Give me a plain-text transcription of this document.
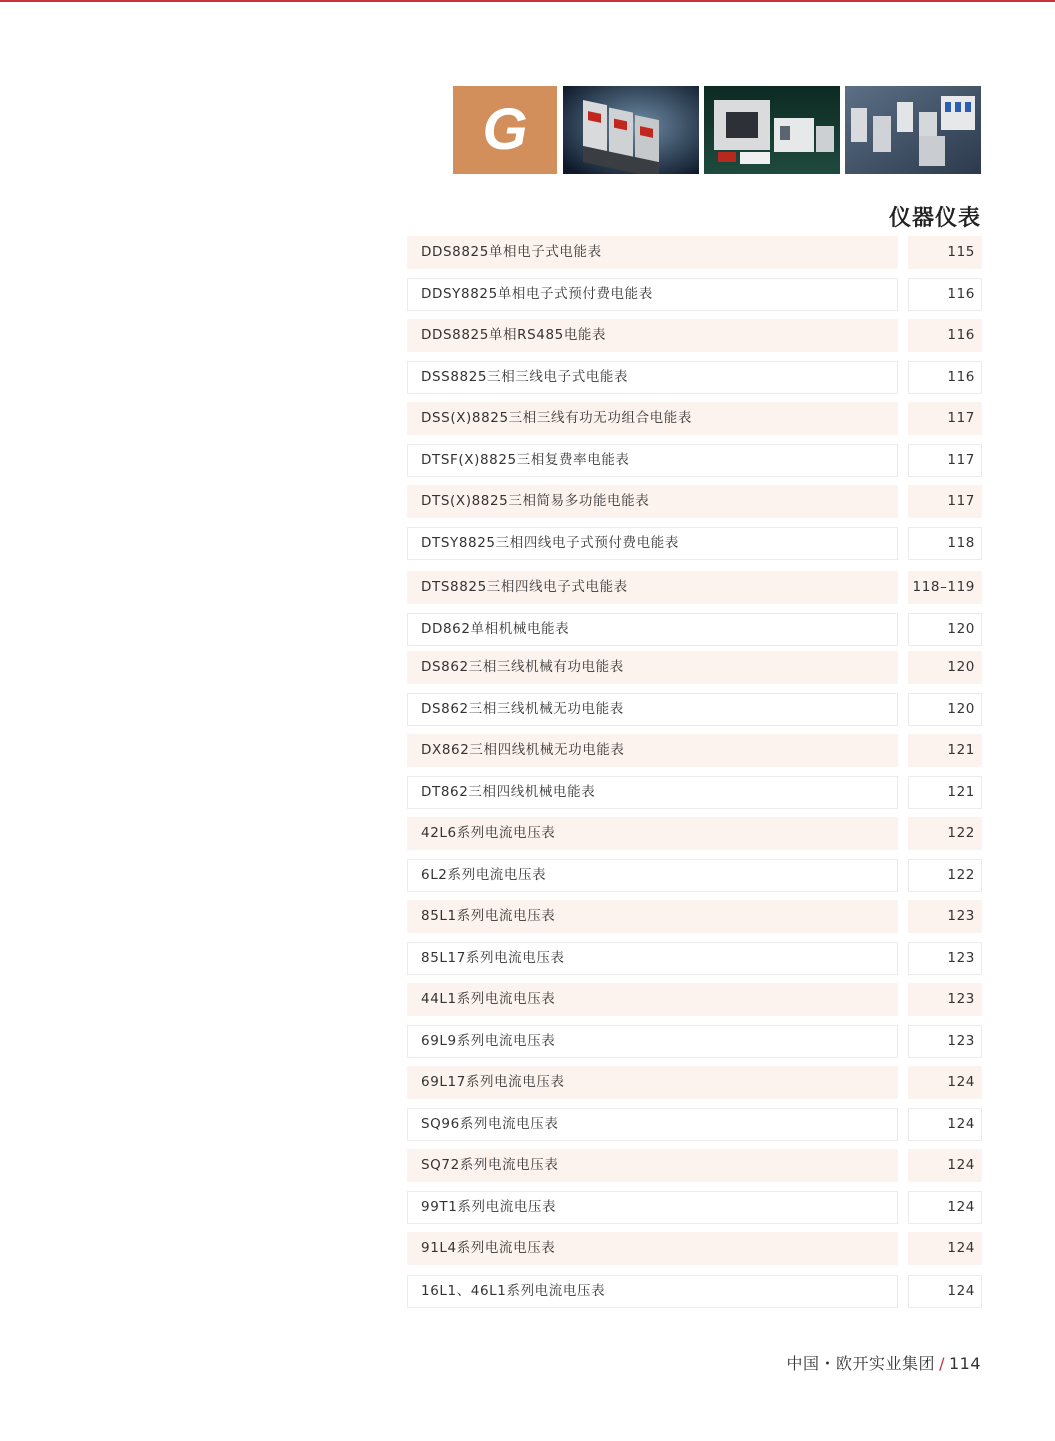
G
仪器仪表
DDS8825单相电子式电能表	115
DDSY8825单相电子式预付费电能表	116
DDS8825单相RS485电能表	116
DSS8825三相三线电子式电能表	116
DSS(X)8825三相三线有功无功组合电能表	117
DTSF(X)8825三相复费率电能表	117
DTS(X)8825三相简易多功能电能表	117
DTSY8825三相四线电子式预付费电能表	118
DTS8825三相四线电子式电能表	118–119
DD862单相机械电能表	120
DS862三相三线机械有功电能表	120
DS862三相三线机械无功电能表	120
DX862三相四线机械无功电能表	121
DT862三相四线机械电能表	121
42L6系列电流电压表	122
6L2系列电流电压表	122
85L1系列电流电压表	123
85L17系列电流电压表	123
44L1系列电流电压表	123
69L9系列电流电压表	123
69L17系列电流电压表	124
SQ96系列电流电压表	124
SQ72系列电流电压表	124
99T1系列电流电压表	124
91L4系列电流电压表	124
16L1、46L1系列电流电压表	124
中国・欧开实业集团 / 114
